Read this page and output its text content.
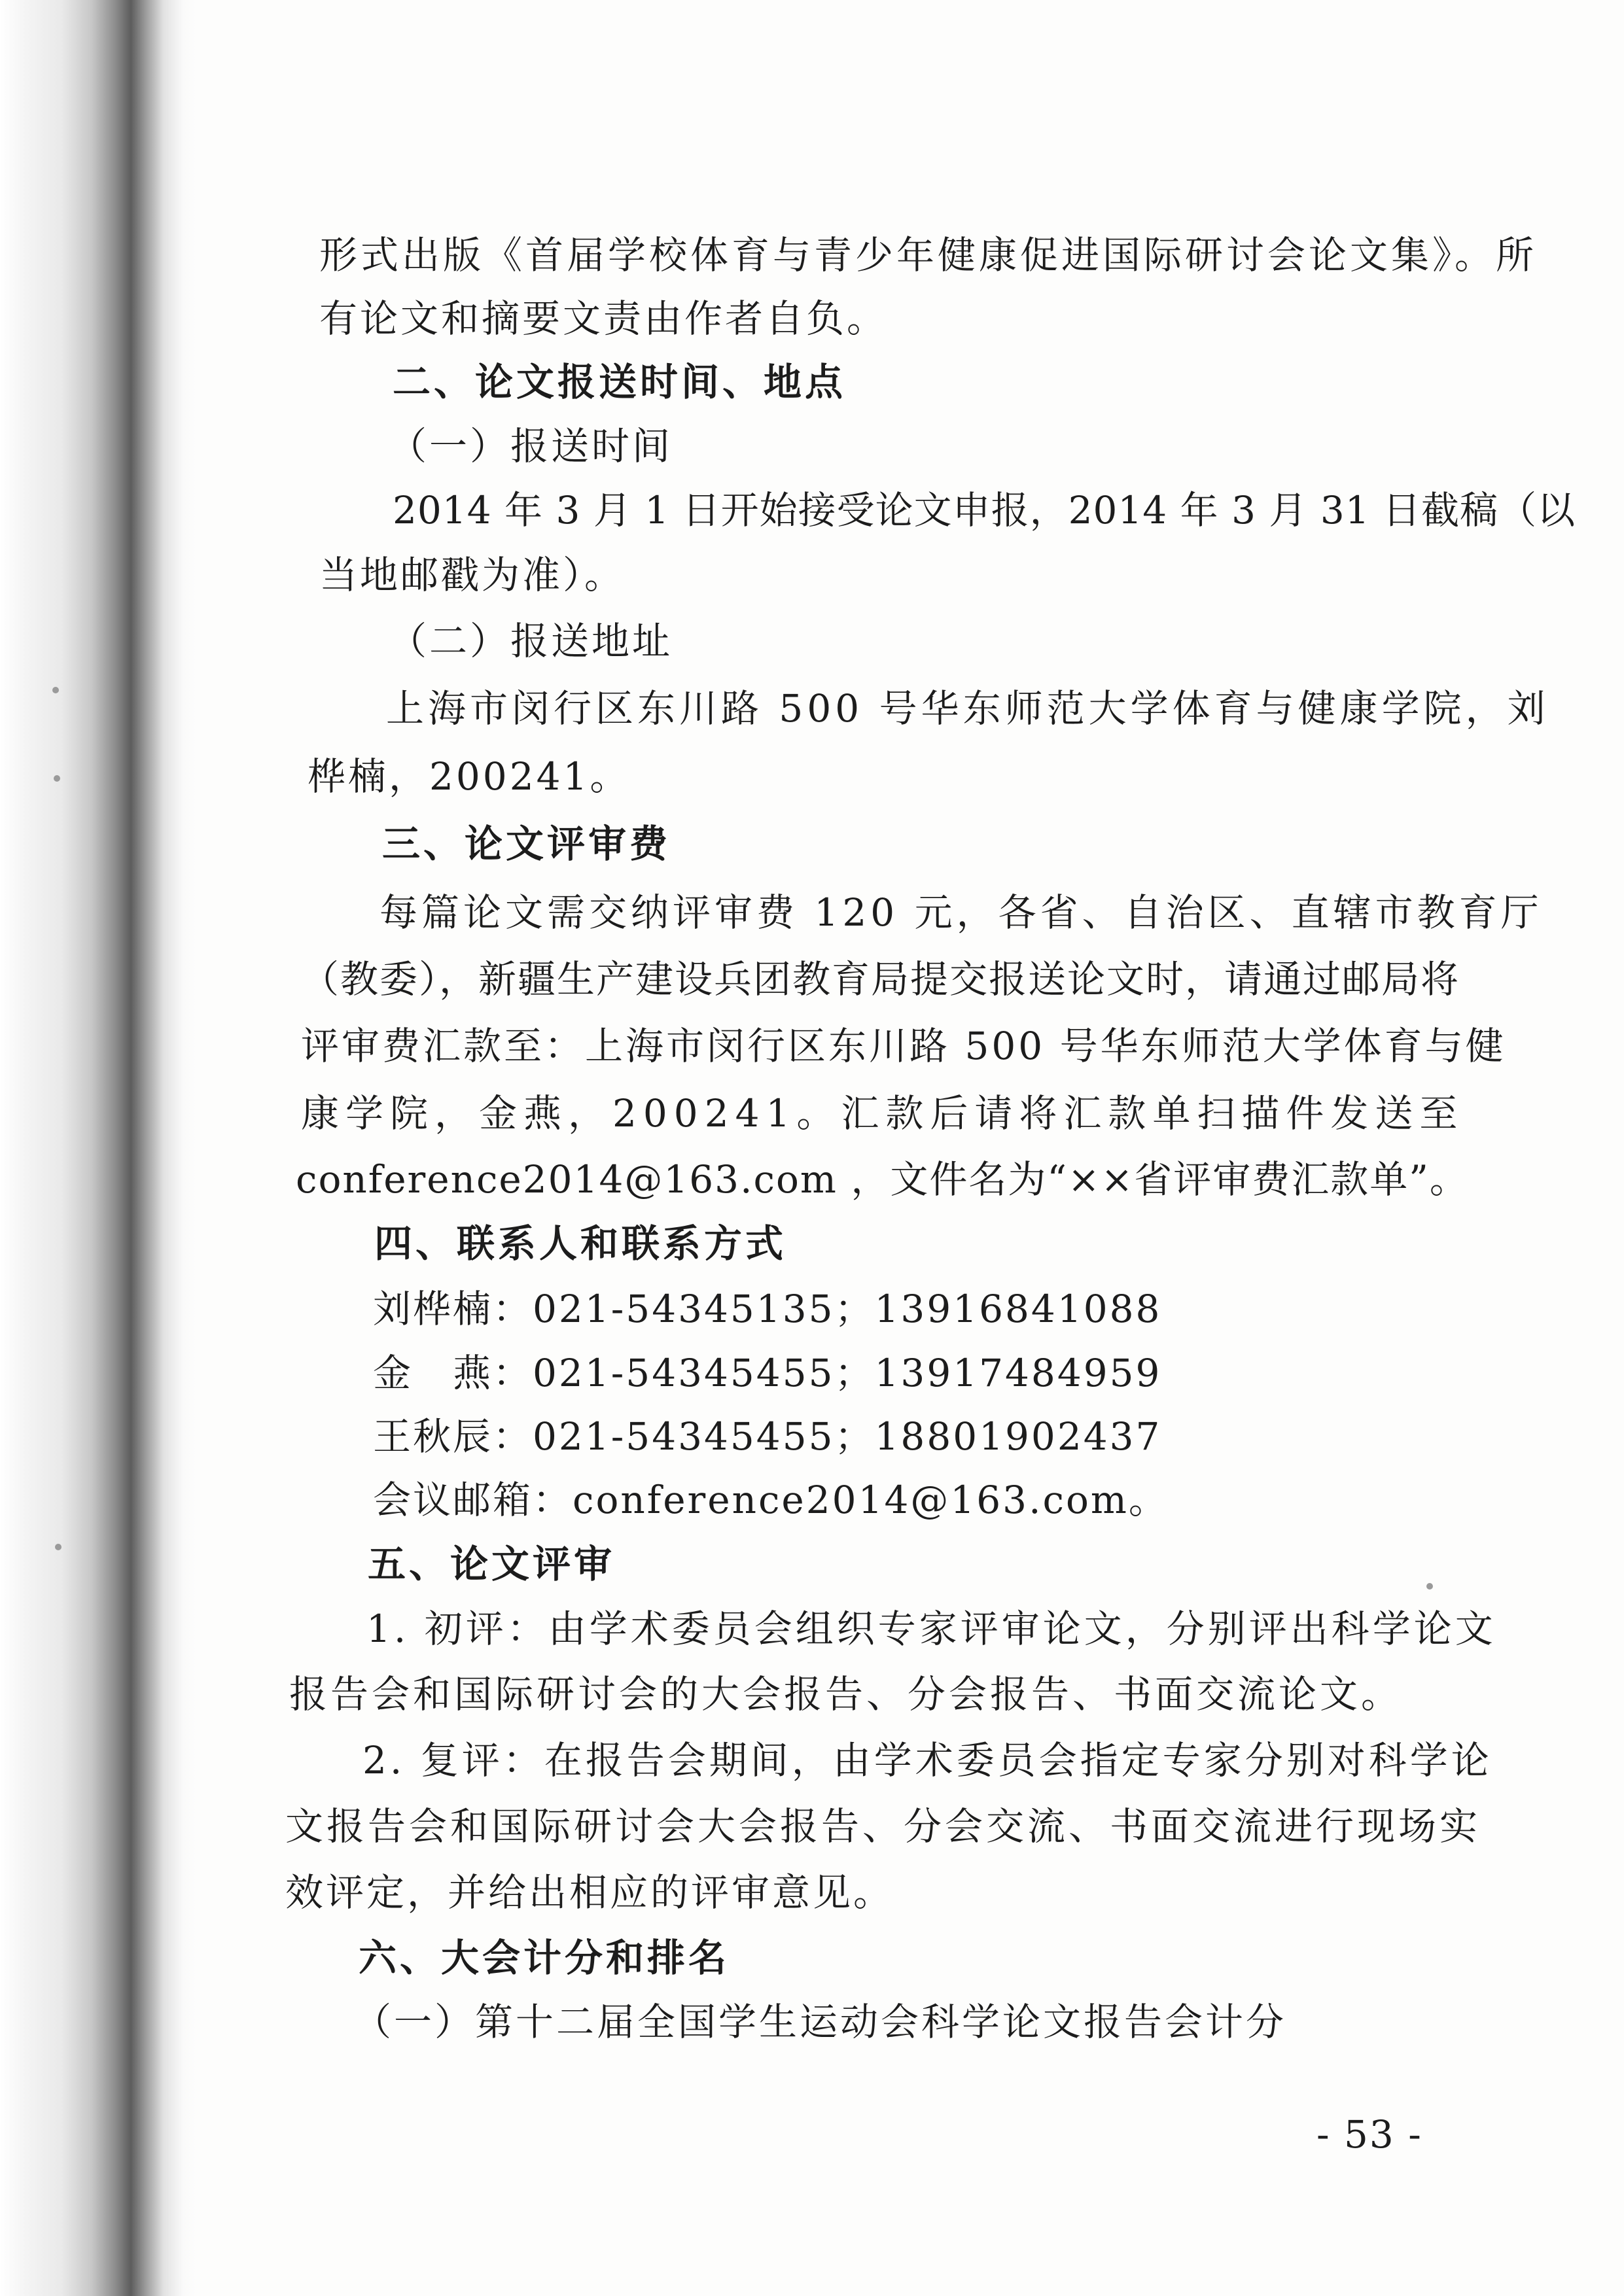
形式出版《首届学校体育与青少年健康促进国际研讨会论文集》。所

有论文和摘要文责由作者自负。

二、论文报送时间、地点

（一）报送时间

2014 年 3 月 1 日开始接受论文申报，2014 年 3 月 31 日截稿（以

当地邮戳为准）。

（二）报送地址

上海市闵行区东川路 500 号华东师范大学体育与健康学院，刘

桦楠，200241。

三、论文评审费

每篇论文需交纳评审费 120 元，各省、自治区、直辖市教育厅

（教委），新疆生产建设兵团教育局提交报送论文时，请通过邮局将

评审费汇款至：上海市闵行区东川路 500 号华东师范大学体育与健

康学院，金燕，200241。汇款后请将汇款单扫描件发送至

conference2014@163.com ，文件名为“××省评审费汇款单”。

四、联系人和联系方式

刘桦楠：021-54345135；13916841088

金　燕：021-54345455；13917484959

王秋辰：021-54345455；18801902437

会议邮箱：conference2014@163.com。

五、论文评审

1. 初评：由学术委员会组织专家评审论文，分别评出科学论文

报告会和国际研讨会的大会报告、分会报告、书面交流论文。

2. 复评：在报告会期间，由学术委员会指定专家分别对科学论

文报告会和国际研讨会大会报告、分会交流、书面交流进行现场实

效评定，并给出相应的评审意见。

六、大会计分和排名

（一）第十二届全国学生运动会科学论文报告会计分

- 53 -
